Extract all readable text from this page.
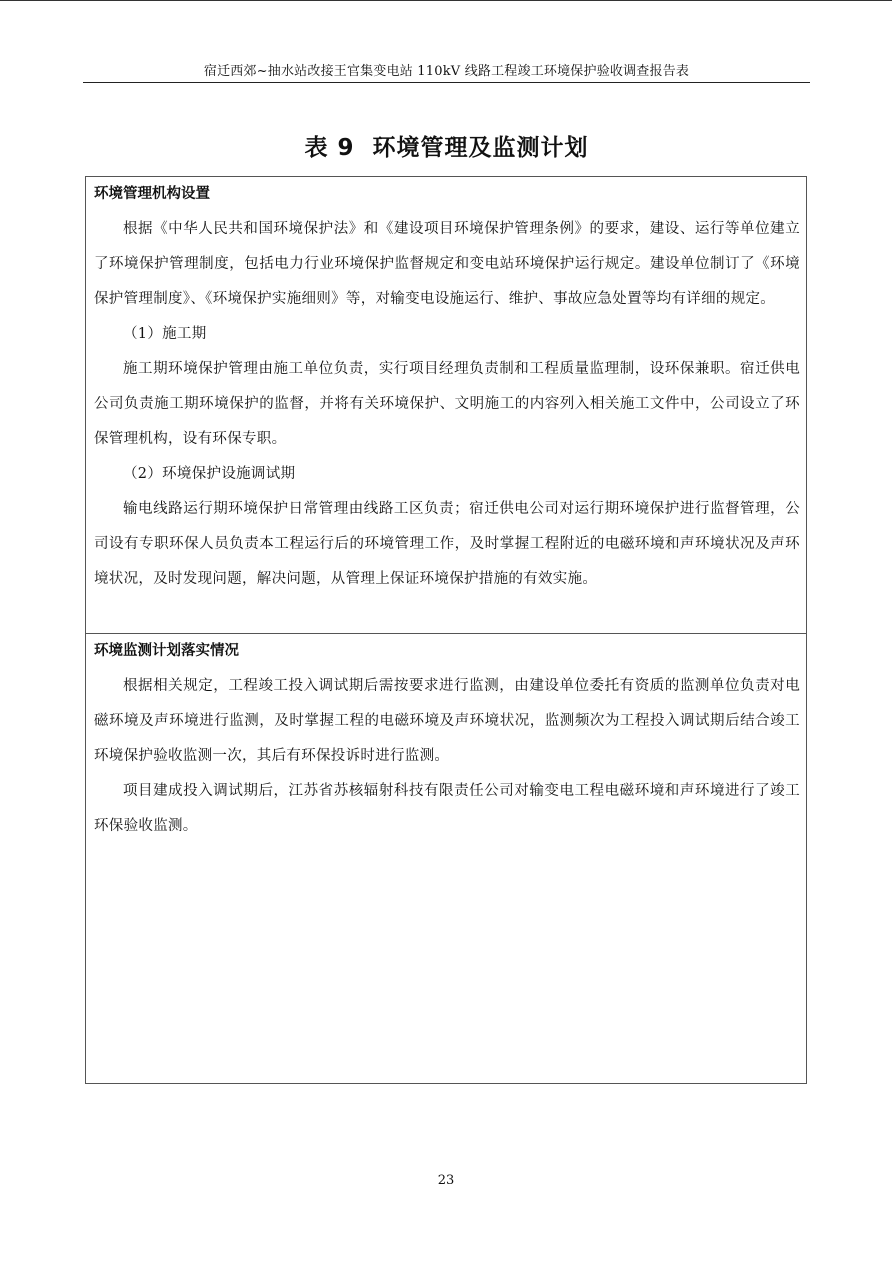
宿迁西郊~抽水站改接王官集变电站 110kV 线路工程竣工环境保护验收调查报告表
表 9 环境管理及监测计划

环境管理机构设置

根据《中华人民共和国环境保护法》和《建设项目环境保护管理条例》的要求，建设、运行等单位建立了环境保护管理制度，包括电力行业环境保护监督规定和变电站环境保护运行规定。建设单位制订了《环境保护管理制度》、《环境保护实施细则》等，对输变电设施运行、维护、事故应急处置等均有详细的规定。

（1）施工期

施工期环境保护管理由施工单位负责，实行项目经理负责制和工程质量监理制，设环保兼职。宿迁供电公司负责施工期环境保护的监督，并将有关环境保护、文明施工的内容列入相关施工文件中，公司设立了环保管理机构，设有环保专职。

（2）环境保护设施调试期

输电线路运行期环境保护日常管理由线路工区负责；宿迁供电公司对运行期环境保护进行监督管理，公司设有专职环保人员负责本工程运行后的环境管理工作，及时掌握工程附近的电磁环境和声环境状况及声环境状况，及时发现问题，解决问题，从管理上保证环境保护措施的有效实施。

环境监测计划落实情况

根据相关规定，工程竣工投入调试期后需按要求进行监测，由建设单位委托有资质的监测单位负责对电磁环境及声环境进行监测，及时掌握工程的电磁环境及声环境状况，监测频次为工程投入调试期后结合竣工环境保护验收监测一次，其后有环保投诉时进行监测。

项目建成投入调试期后，江苏省苏核辐射科技有限责任公司对输变电工程电磁环境和声环境进行了竣工环保验收监测。

23
